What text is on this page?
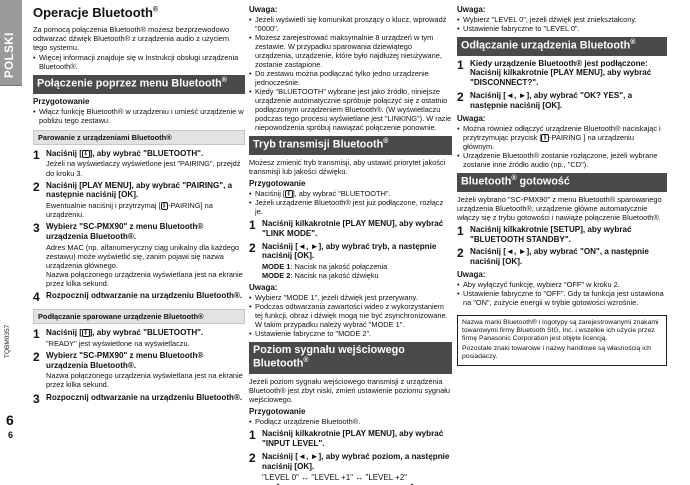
POLSKI
TQBM0357
6
6
Operacje Bluetooth®

Za pomocą połączenia Bluetooth® możesz bezprzewodowo odtwarzać dźwięk Bluetooth® z urządzenia audio z użyciem tego systemu.

• Więcej informacji znajduje się w Instrukcji obsługi urządzenia Bluetooth®.
Połączenie poprzez menu Bluetooth®
Przygotowanie
• Włącz funkcję Bluetooth® w urządzeniu i umieść urządzenie w pobliżu tego zestawu.
Parowanie z urządzeniami Bluetooth®
1 Naciśnij [ ᛒ ], aby wybrać "BLUETOOTH".
Jeżeli na wyświetlaczy wyświetlone jest "PAIRING", przejdź do kroku 3.
2 Naciśnij [PLAY MENU], aby wybrać "PAIRING", a następnie naciśnij [OK].
Ewentualnie naciśnij i przytrzymaj [ ᛒ -PAIRING] na urządzeniu.
3 Wybierz "SC-PMX90" z menu Bluetooth® urządzenia Bluetooth®.
Adres MAC (np. alfanumeryczny ciąg unikalny dla każdego zestawu) może wyświetlić się, zanim pojawi się nazwa urządzenia głównego.
Nazwa połączonego urządzenia wyświetlana jest na ekranie przez kilka sekund.
4 Rozpocznij odtwarzanie na urządzeniu Bluetooth®.
Podłączanie sparowane urządzenie Bluetooth®
1 Naciśnij [ ᛒ ], aby wybrać "BLUETOOTH".
"READY" jest wyświetlone na wyświetlaczu.
2 Wybierz "SC-PMX90" z menu Bluetooth® urządzenia Bluetooth®.
Nazwa połączonego urządzenia wyświetlana jest na ekranie przez kilka sekund.
3 Rozpocznij odtwarzanie na urządzeniu Bluetooth®.
Uwaga:
• Jeżeli wyświetli się komunikat proszący o klucz, wprowadź "0000".
• Możesz zarejestrować maksymalnie 8 urządzeń w tym zestawie. W przypadku sparowania dziewiątego urządzenia, urządzenie, które było najdłużej nieużywane, zostanie zastąpione.
• Do zestawu można podłączać tylko jedno urządzenie jednocześnie.
• Kiedy "BLUETOOTH" wybrane jest jako źródło, niniejsze urządzenie automatycznie spróbuje połączyć się z ostatnio podłączonym urządzeniem Bluetooth®. (W wyświetlaczu podczas tego procesu wyświetlane jest "LINKING"). W razie niepowodzenia spróbuj nawiązać połączenie ponownie.
Tryb transmisji Bluetooth®

Możesz zmienić tryb transmisji, aby ustawić priorytet jakości transmisji lub jakości dźwięku.

Przygotowanie
• Naciśnij [ ᛒ ], aby wybrać "BLUETOOTH".
• Jeżeli urządzenie Bluetooth® jest już podłączone, rozłącz je.
1 Naciśnij kilkakrotnie [PLAY MENU], aby wybrać "LINK MODE".
2 Naciśnij [◄, ►], aby wybrać tryb, a następnie naciśnij [OK].
MODE 1: Nacisk na jakość połączenia
MODE 2: Nacisk na jakość dźwięku
Uwaga:
• Wybierz "MODE 1", jeżeli dźwięk jest przerywany.
• Podczas odtwarzania zawartości wideo z wykorzystaniem tej funkcji, obraz i dźwięk mogą nie być zsynchronizowane. W takim przypadku należy wybrać "MODE 1".
• Ustawienie fabryczne to "MODE 2".
Poziom sygnału wejściowego Bluetooth®

Jeżeli poziom sygnału wejściowego transmisji z urządzenia Bluetooth® jest zbyt niski, zmień ustawienie poziomu sygnału wejściowego.

Przygotowanie
• Podłącz urządzenie Bluetooth®.
1 Naciśnij kilkakrotnie [PLAY MENU], aby wybrać "INPUT LEVEL".
2 Naciśnij [◄, ►], aby wybrać poziom, a następnie naciśnij [OK].
"LEVEL 0" ↔ "LEVEL +1" ↔ "LEVEL +2"
Uwaga:
• Wybierz "LEVEL 0", jeżeli dźwięk jest zniekształcony.
• Ustawienie fabryczne to "LEVEL 0".
Odłączanie urządzenia Bluetooth®
1 Kiedy urządzenie Bluetooth® jest podłączone: Naciśnij kilkakrotnie [PLAY MENU], aby wybrać "DISCONNECT?".
2 Naciśnij [◄, ►], aby wybrać "OK? YES", a następnie naciśnij [OK].
Uwaga:
• Można również odłączyć urządzenie Bluetooth® naciskając i przytrzymując przycisk [ ᛒ -PAIRING ] na urządzeniu głównym.
• Urządzenie Bluetooth® zostanie rozłączone, jeżeli wybrane zostanie inne źródło audio (np., "CD").
Bluetooth® gotowość

Jeżeli wybrano "SC-PMX90" z menu Bluetooth® sparowanego urządzenia Bluetooth®, urządzenie główne automatycznie włączy się z trybu gotowości i nawiąże połączenie Bluetooth®.

1 Naciśnij kilkakrotnie [SETUP], aby wybrać "BLUETOOTH STANDBY".
2 Naciśnij [◄, ►], aby wybrać "ON", a następnie naciśnij [OK].
Uwaga:
• Aby wyłączyć funkcję, wybierz "OFF" w kroku 2.
• Ustawienie fabryczne to "OFF". Gdy ta funkcja jest ustawiona na "ON", zużycie energii w trybie gotowości wzrośnie.

Nazwa marki Bluetooth® i logotypy są zarejestrowanymi znakami towarowymi firmy Bluetooth SIG, Inc. i wszelkie ich użycie przez firmę Panasonic Corporation jest objęte licencją.

Pozostałe znaki towarowe i nazwy handlowe są własnością ich posiadaczy.
